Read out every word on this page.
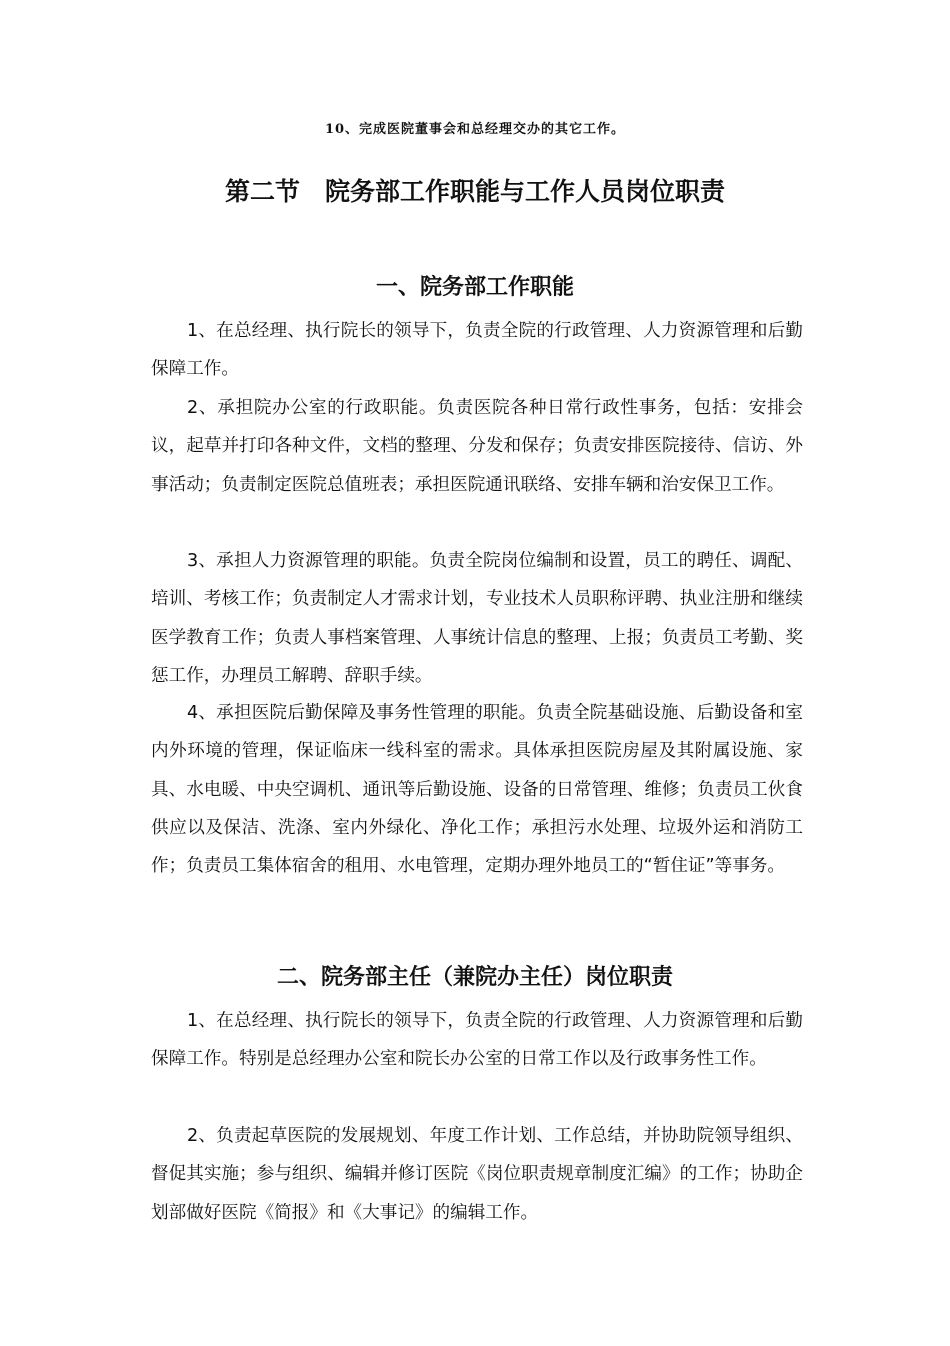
10、完成医院董事会和总经理交办的其它工作。

第二节　院务部工作职能与工作人员岗位职责
一、院务部工作职能

1、在总经理、执行院长的领导下，负责全院的行政管理、人力资源管理和后勤保障工作。

2、承担院办公室的行政职能。负责医院各种日常行政性事务，包括：安排会议，起草并打印各种文件，文档的整理、分发和保存；负责安排医院接待、信访、外事活动；负责制定医院总值班表；承担医院通讯联络、安排车辆和治安保卫工作。

3、承担人力资源管理的职能。负责全院岗位编制和设置，员工的聘任、调配、培训、考核工作；负责制定人才需求计划，专业技术人员职称评聘、执业注册和继续医学教育工作；负责人事档案管理、人事统计信息的整理、上报；负责员工考勤、奖惩工作，办理员工解聘、辞职手续。

4、承担医院后勤保障及事务性管理的职能。负责全院基础设施、后勤设备和室内外环境的管理，保证临床一线科室的需求。具体承担医院房屋及其附属设施、家具、水电暖、中央空调机、通讯等后勤设施、设备的日常管理、维修；负责员工伙食供应以及保洁、洗涤、室内外绿化、净化工作；承担污水处理、垃圾外运和消防工作；负责员工集体宿舍的租用、水电管理，定期办理外地员工的“暂住证”等事务。

二、院务部主任（兼院办主任）岗位职责

1、在总经理、执行院长的领导下，负责全院的行政管理、人力资源管理和后勤保障工作。特别是总经理办公室和院长办公室的日常工作以及行政事务性工作。

2、负责起草医院的发展规划、年度工作计划、工作总结，并协助院领导组织、督促其实施；参与组织、编辑并修订医院《岗位职责规章制度汇编》的工作；协助企划部做好医院《简报》和《大事记》的编辑工作。
